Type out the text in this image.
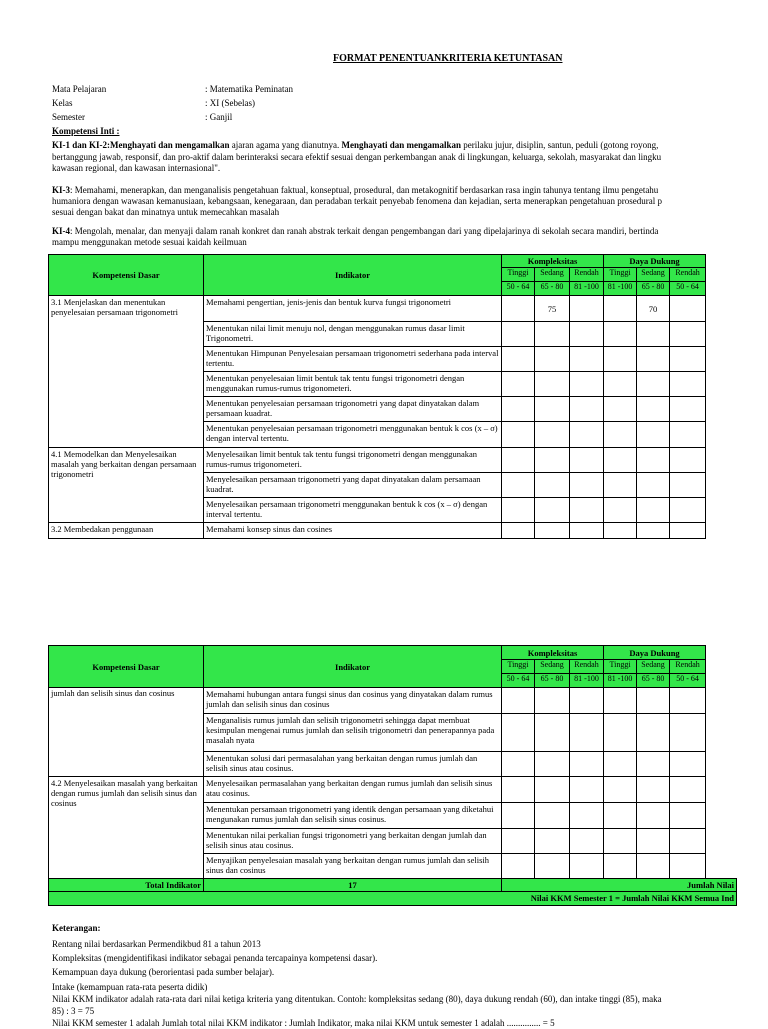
FORMAT PENENTUANKRITERIA KETUNTASAN
Mata Pelajaran	: Matematika Peminatan
Kelas	: XI (Sebelas)
Semester	: Ganjil
Kompetensi Inti :
KI-1 dan KI-2:Menghayati dan mengamalkan ajaran agama yang dianutnya. Menghayati dan mengamalkan perilaku jujur, disiplin, santun, peduli (gotong royong,
bertanggung jawab, responsif, dan pro-aktif dalam berinteraksi secara efektif sesuai dengan perkembangan anak di lingkungan, keluarga, sekolah, masyarakat dan lingku
kawasan regional, dan kawasan internasional".
KI-3: Memahami, menerapkan, dan menganalisis pengetahuan faktual, konseptual, prosedural, dan metakognitif berdasarkan rasa ingin tahunya tentang ilmu pengetahu
humaniora dengan wawasan kemanusiaan, kebangsaan, kenegaraan, dan peradaban terkait penyebab fenomena dan kejadian, serta menerapkan pengetahuan prosedural p
sesuai dengan bakat dan minatnya untuk memecahkan masalah
KI-4: Mengolah, menalar, dan menyaji dalam ranah konkret dan ranah abstrak terkait dengan pengembangan dari yang dipelajarinya di sekolah secara mandiri, bertinda
mampu menggunakan metode sesuai kaidah keilmuan
Kompetensi Dasar	Indikator	Kompleksitas			Daya Dukung		
		Tinggi	Sedang	Rendah	Tinggi	Sedang	Rendah
		50 - 64	65 - 80	81 -100	81 -100	65 - 80	50 - 64
3.1 Menjelaskan dan menentukan penyelesaian persamaan trigonometri	Memahami pengertian, jenis-jenis dan bentuk kurva fungsi trigonometri		75			70	
	Menentukan nilai limit menuju nol, dengan menggunakan rumus dasar limit Trigonometri.						
	Menentukan Himpunan Penyelesaian persamaan trigonometri sederhana pada interval tertentu.						
	Menentukan penyelesaian limit bentuk tak tentu fungsi trigonometri dengan menggunakan rumus-rumus trigonometeri.						
	Menentukan penyelesaian persamaan trigonometri yang dapat dinyatakan dalam persamaan kuadrat.						
	Menentukan penyelesaian persamaan trigonometri menggunakan bentuk k cos (x – σ) dengan interval tertentu.						
4.1 Memodelkan dan Menyelesaikan masalah yang berkaitan dengan persamaan trigonometri	Menyelesaikan limit bentuk tak tentu fungsi trigonometri dengan menggunakan rumus-rumus trigonometeri.						
	Menyelesaikan persamaan trigonometri yang dapat dinyatakan dalam persamaan kuadrat.						
	Menyelesaikan persamaan trigonometri menggunakan bentuk k cos (x – σ) dengan interval tertentu.						
3.2 Membedakan penggunaan	Memahami konsep sinus dan cosines						
Kompetensi Dasar	Indikator	Kompleksitas			Daya Dukung			
		Tinggi	Sedang	Rendah	Tinggi	Sedang	Rendah	
		50 - 64	65 - 80	81 -100	81 -100	65 - 80	50 - 64	
jumlah dan selisih sinus dan cosinus	Memahami hubungan antara fungsi sinus dan cosinus yang dinyatakan dalam rumus jumlah dan selisih sinus dan cosinus							
	Menganalisis rumus jumlah dan selisih trigonometri sehingga dapat membuat kesimpulan mengenai rumus jumlah dan selisih trigonometri dan penerapannya pada masalah nyata							
	Menentukan solusi dari permasalahan yang berkaitan dengan rumus jumlah dan selisih sinus atau cosinus.							
4.2 Menyelesaikan masalah yang berkaitan dengan rumus jumlah dan selisih sinus dan cosinus	Menyelesaikan permasalahan yang berkaitan dengan rumus jumlah dan selisih sinus atau cosinus.							
	Menentukan persamaan trigonometri yang identik dengan persamaan yang diketahui mengunakan rumus jumlah dan selisih sinus cosinus.							
	Menentukan nilai perkalian fungsi trigonometri yang berkaitan dengan jumlah dan selisih sinus atau cosinus.							
	Menyajikan penyelesaian masalah yang berkaitan dengan rumus jumlah dan selisih sinus dan cosinus							
Total Indikator	17	Jumlah Nilai						
Nilai KKM Semester 1 = Jumlah Nilai KKM Semua Ind								
Keterangan:
Rentang nilai berdasarkan Permendikbud 81 a tahun 2013
Kompleksitas (mengidentifikasi indikator sebagai penanda tercapainya kompetensi dasar).
Kemampuan daya dukung (berorientasi pada sumber belajar).
Intake (kemampuan rata-rata peserta didik)
Nilai KKM indikator adalah rata-rata dari nilai ketiga kriteria yang ditentukan. Contoh: kompleksitas sedang (80), daya dukung rendah (60), dan intake tinggi (85), maka
85) : 3 = 75
Nilai KKM semester 1 adalah Jumlah total nilai KKM indikator : Jumlah Indikator, maka nilai KKM untuk semester 1 adalah ............... = 5
